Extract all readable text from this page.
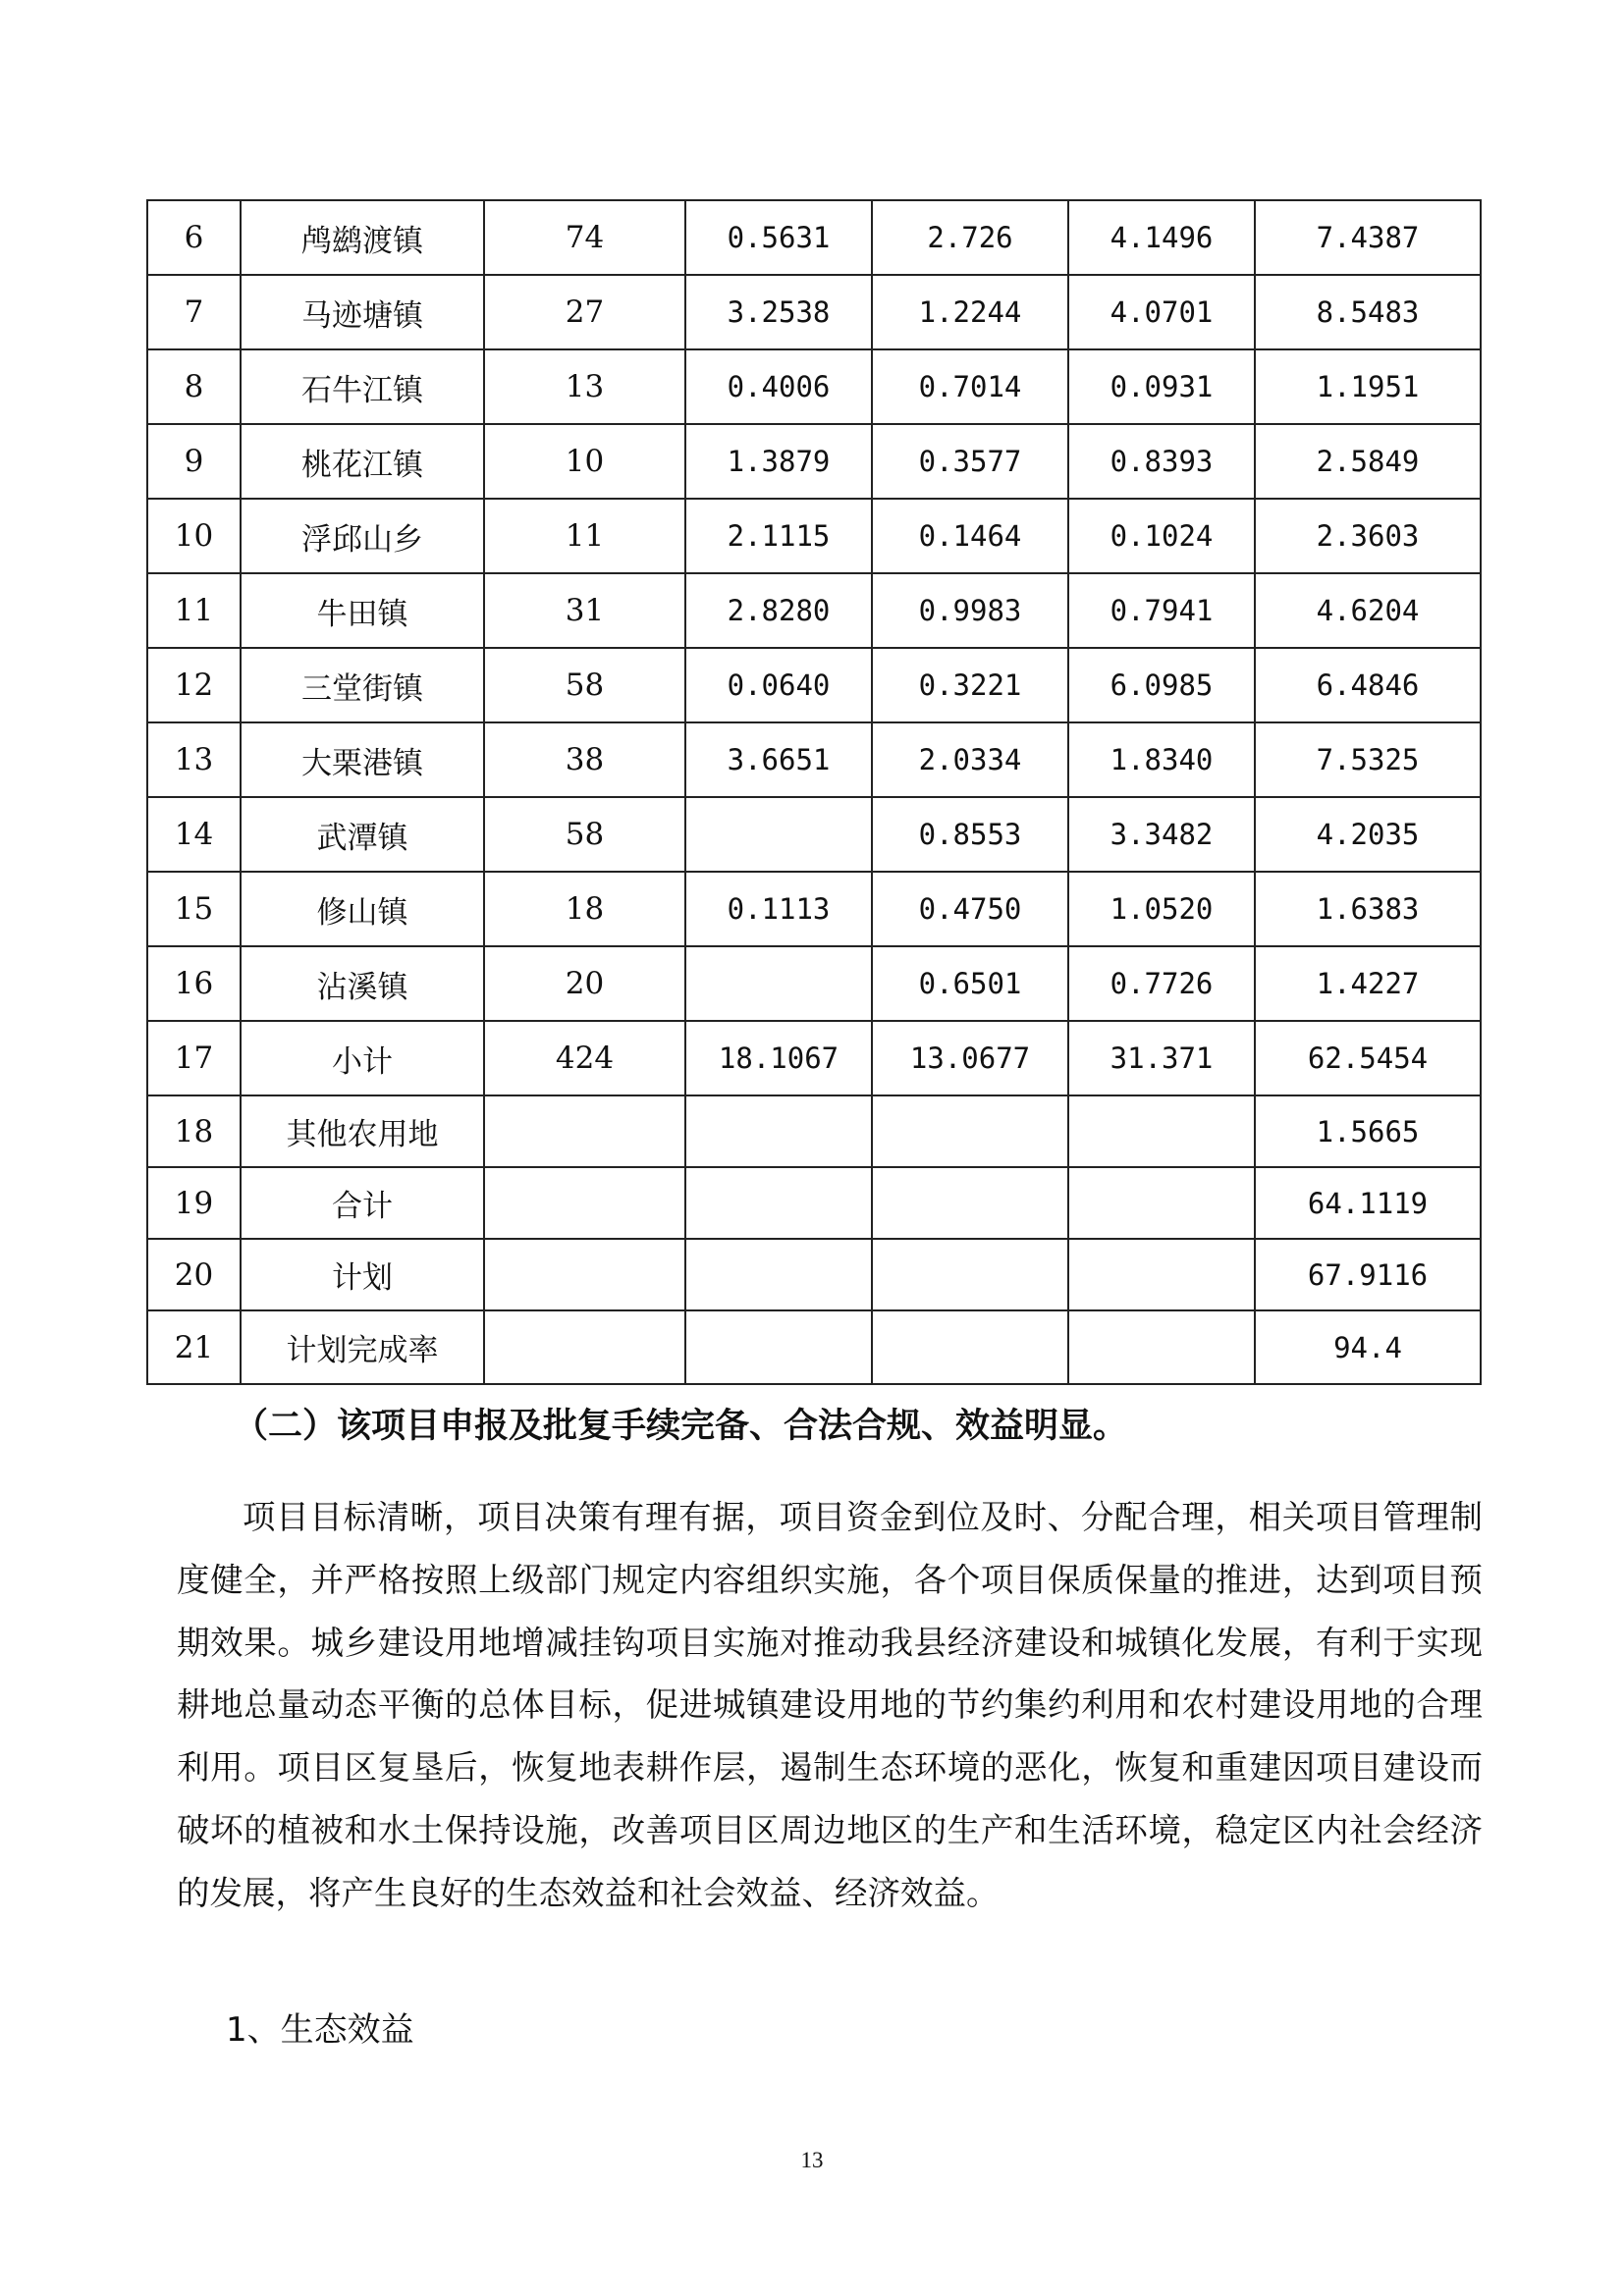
6	鸬鹚渡镇	74	0.5631	2.726	4.1496	7.4387
7	马迹塘镇	27	3.2538	1.2244	4.0701	8.5483
8	石牛江镇	13	0.4006	0.7014	0.0931	1.1951
9	桃花江镇	10	1.3879	0.3577	0.8393	2.5849
10	浮邱山乡	11	2.1115	0.1464	0.1024	2.3603
11	牛田镇	31	2.8280	0.9983	0.7941	4.6204
12	三堂街镇	58	0.0640	0.3221	6.0985	6.4846
13	大栗港镇	38	3.6651	2.0334	1.8340	7.5325
14	武潭镇	58		0.8553	3.3482	4.2035
15	修山镇	18	0.1113	0.4750	1.0520	1.6383
16	沾溪镇	20		0.6501	0.7726	1.4227
17	小计	424	18.1067	13.0677	31.371	62.5454
18	其他农用地					1.5665
19	合计					64.1119
20	计划					67.9116
21	计划完成率					94.4

（二）该项目申报及批复手续完备、合法合规、效益明显。

项目目标清晰，项目决策有理有据，项目资金到位及时、分配合理，相关项目管理制度健全，并严格按照上级部门规定内容组织实施，各个项目保质保量的推进，达到项目预期效果。城乡建设用地增减挂钩项目实施对推动我县经济建设和城镇化发展，有利于实现耕地总量动态平衡的总体目标，促进城镇建设用地的节约集约利用和农村建设用地的合理利用。项目区复垦后，恢复地表耕作层，遏制生态环境的恶化，恢复和重建因项目建设而破坏的植被和水土保持设施，改善项目区周边地区的生产和生活环境，稳定区内社会经济的发展，将产生良好的生态效益和社会效益、经济效益。

1、生态效益

13
